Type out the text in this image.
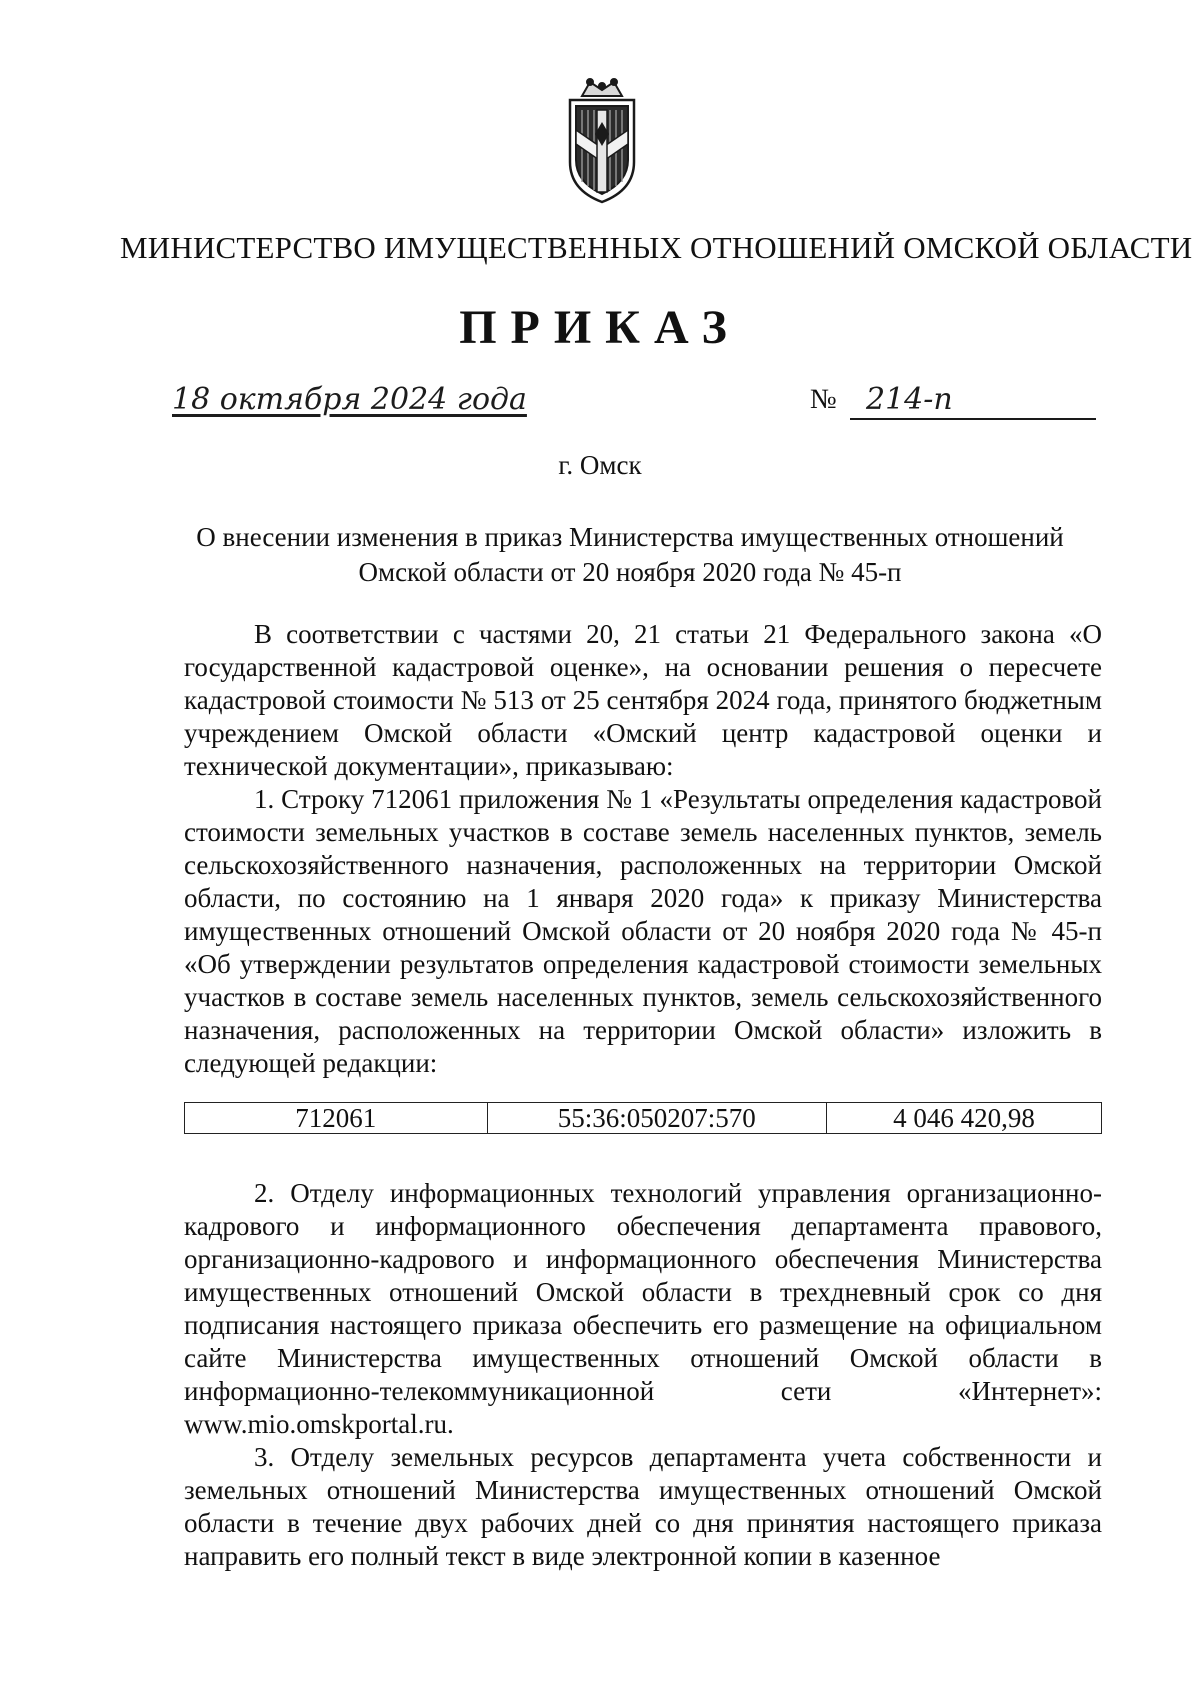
МИНИСТЕРСТВО ИМУЩЕСТВЕННЫХ ОТНОШЕНИЙ ОМСКОЙ ОБЛАСТИ
ПРИКАЗ
18 октября 2024 года	№ 214-п
г. Омск
О внесении изменения в приказ Министерства имущественных отношений
Омской области от 20 ноября 2020 года № 45-п
В соответствии с частями 20, 21 статьи 21 Федерального закона «О государственной кадастровой оценке», на основании решения о пересчете кадастровой стоимости № 513 от 25 сентября 2024 года, принятого бюджетным учреждением Омской области «Омский центр кадастровой оценки и технической документации», приказываю:
1. Строку 712061 приложения № 1 «Результаты определения кадастровой стоимости земельных участков в составе земель населенных пунктов, земель сельскохозяйственного назначения, расположенных на территории Омской области, по состоянию на 1 января 2020 года» к приказу Министерства имущественных отношений Омской области от 20 ноября 2020 года № 45-п «Об утверждении результатов определения кадастровой стоимости земельных участков в составе земель населенных пунктов, земель сельскохозяйственного назначения, расположенных на территории Омской области» изложить в следующей редакции:
712061	55:36:050207:570	4 046 420,98
2. Отделу информационных технологий управления организационно-кадрового и информационного обеспечения департамента правового, организационно-кадрового и информационного обеспечения Министерства имущественных отношений Омской области в трехдневный срок со дня подписания настоящего приказа обеспечить его размещение на официальном сайте Министерства имущественных отношений Омской области в информационно-телекоммуникационной сети «Интернет»: www.mio.omskportal.ru.
3. Отделу земельных ресурсов департамента учета собственности и земельных отношений Министерства имущественных отношений Омской области в течение двух рабочих дней со дня принятия настоящего приказа направить его полный текст в виде электронной копии в казенное
